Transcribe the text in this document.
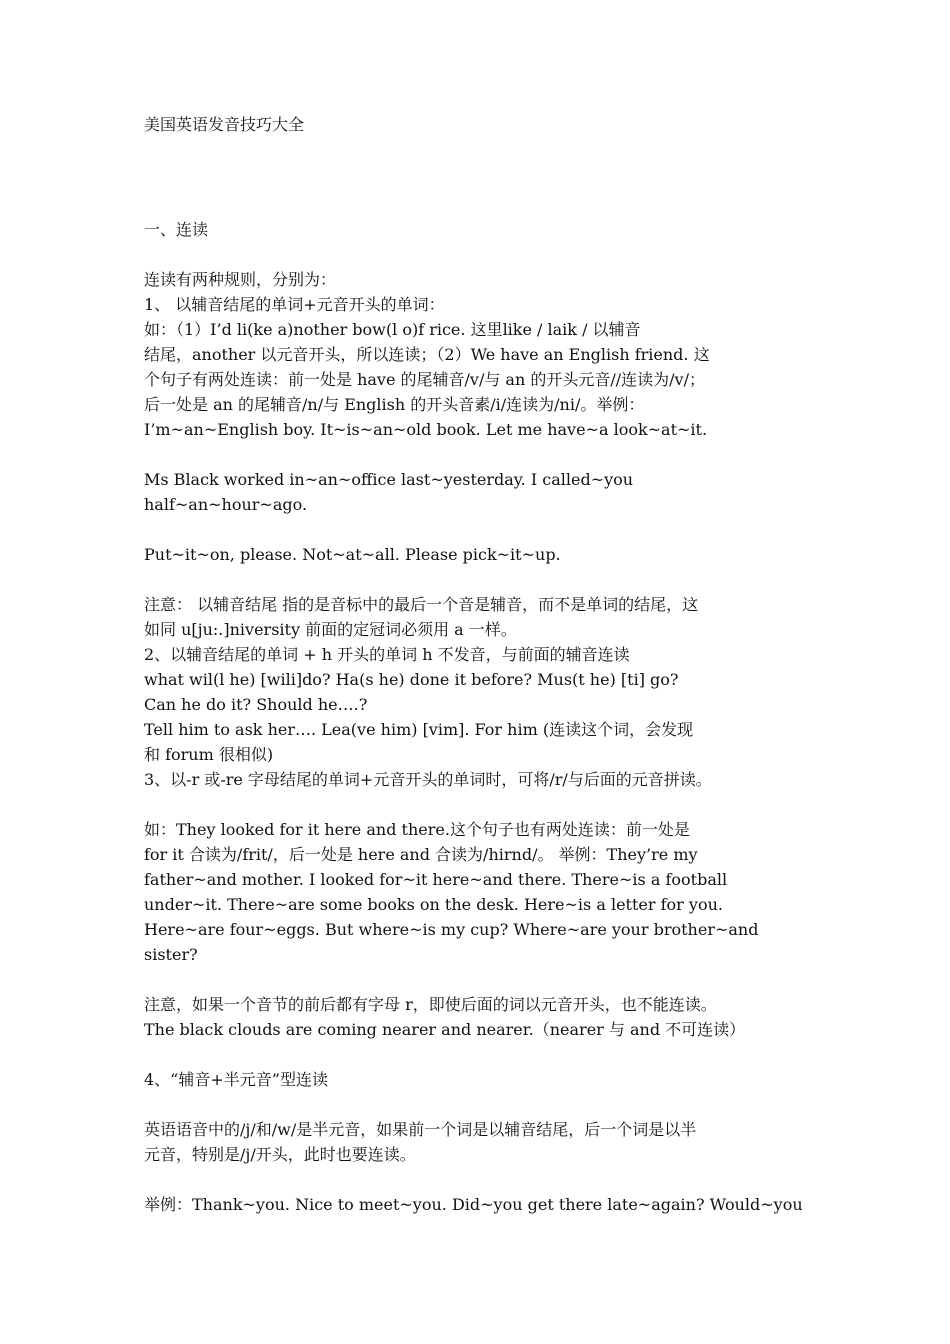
美国英语发音技巧大全
一、连读
连读有两种规则，分别为：
1、 以辅音结尾的单词+元音开头的单词：
如：（1）I’d li(ke a)nother bow(l o)f rice. 这里like / laik / 以辅音
结尾，another 以元音开头，所以连读；（2）We have an English friend. 这
个句子有两处连读：前一处是 have 的尾辅音/v/与 an 的开头元音//连读为/v/；
后一处是 an 的尾辅音/n/与 English 的开头音素/i/连读为/ni/。举例：
I’m~an~English boy. It~is~an~old book. Let me have~a look~at~it.
Ms Black worked in~an~office last~yesterday. I called~you
half~an~hour~ago.
Put~it~on, please. Not~at~all. Please pick~it~up.
注意： 以辅音结尾 指的是音标中的最后一个音是辅音，而不是单词的结尾，这
如同 u[ju:.]niversity 前面的定冠词必须用 a 一样。
2、以辅音结尾的单词 + h 开头的单词 h 不发音，与前面的辅音连读
what wil(l he) [wili]do? Ha(s he) done it before? Mus(t he) [ti] go?
Can he do it? Should he….?
Tell him to ask her…. Lea(ve him) [vim]. For him (连读这个词，会发现
和 forum 很相似)
3、以-r 或-re 字母结尾的单词+元音开头的单词时，可将/r/与后面的元音拼读。
如：They looked for it here and there.这个句子也有两处连读：前一处是
for it 合读为/frit/，后一处是 here and 合读为/hirnd/。 举例：They’re my
father~and mother. I looked for~it here~and there. There~is a football
under~it. There~are some books on the desk. Here~is a letter for you.
Here~are four~eggs. But where~is my cup? Where~are your brother~and
sister?
注意，如果一个音节的前后都有字母 r，即使后面的词以元音开头，也不能连读。
The black clouds are coming nearer and nearer.（nearer 与 and 不可连读）
4、“辅音+半元音”型连读
英语语音中的/j/和/w/是半元音，如果前一个词是以辅音结尾，后一个词是以半
元音，特别是/j/开头，此时也要连读。
举例：Thank~you. Nice to meet~you. Did~you get there late~again? Would~you
